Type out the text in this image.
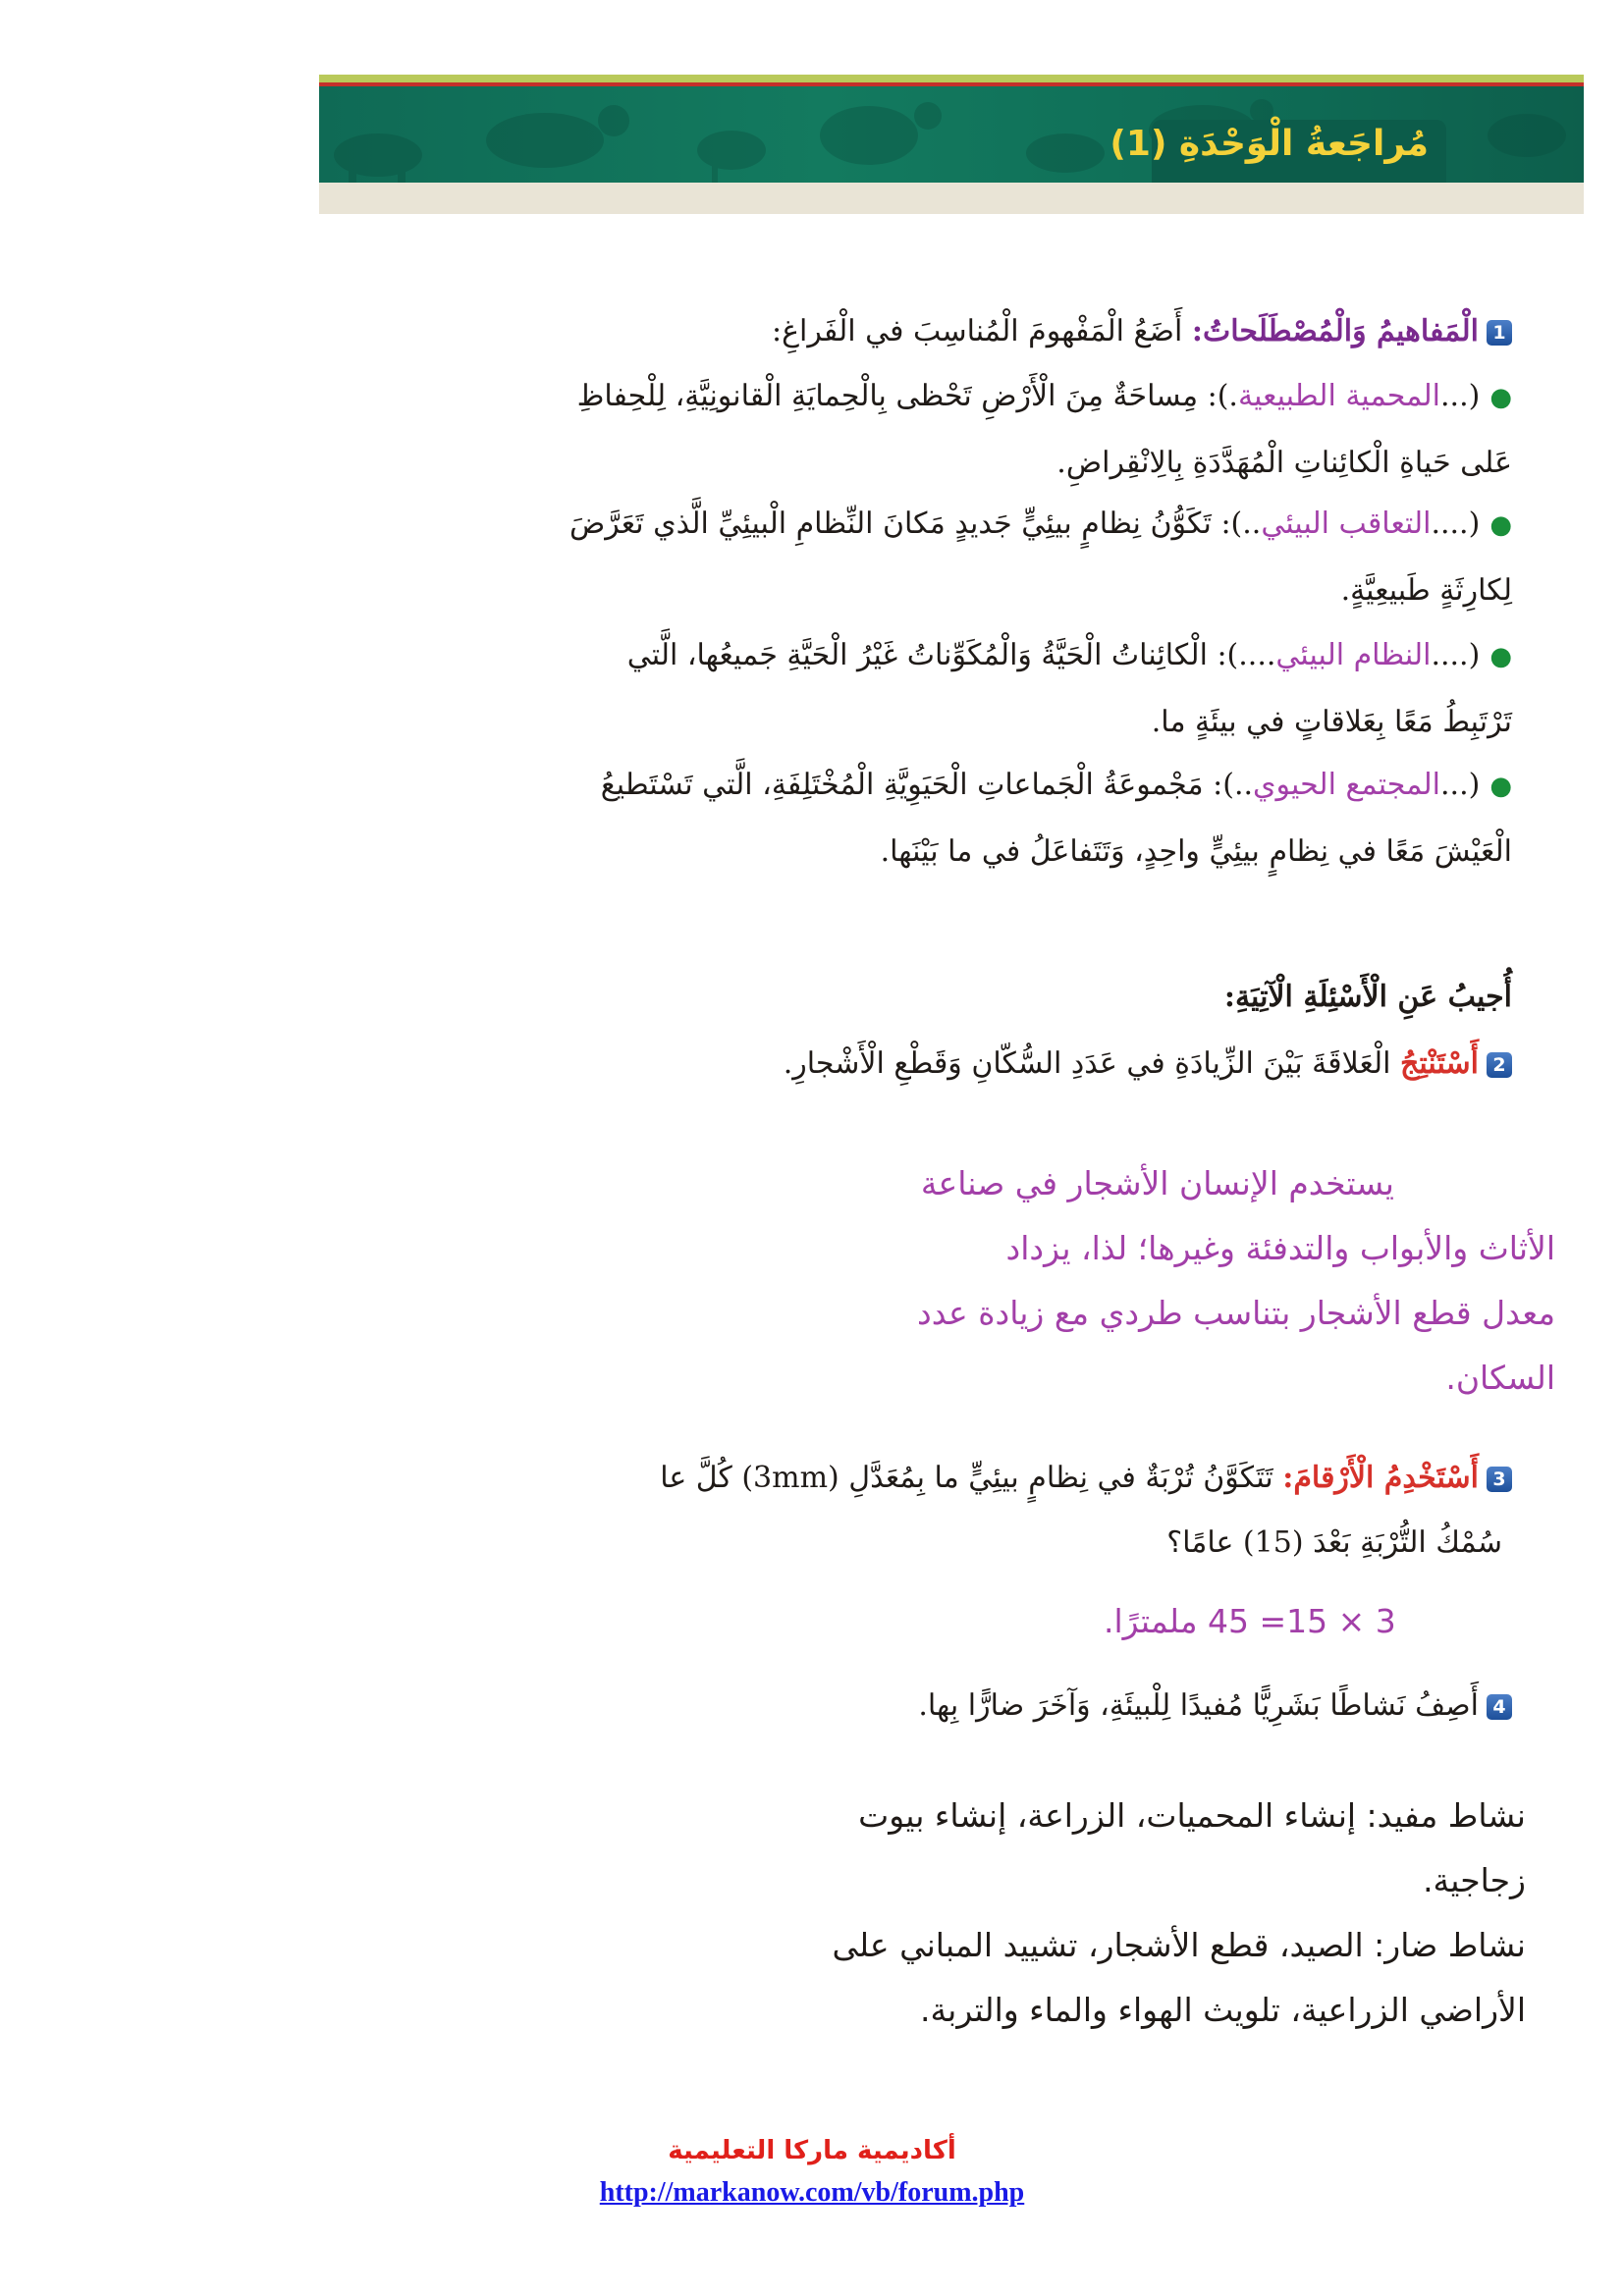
مُراجَعةُ الْوَحْدَةِ (1)
1الْمَفاهيمُ وَالْمُصْطَلَحاتُ: أَضَعُ الْمَفْهومَ الْمُناسِبَ في الْفَراغِ:
●(...المحمية الطبيعية.): مِساحَةٌ مِنَ الْأَرْضِ تَحْظى بِالْحِمايَةِ الْقانونِيَّةِ، لِلْحِفاظِ
عَلى حَياةِ الْكائِناتِ الْمُهَدَّدَةِ بِالِانْقِراضِ.
●(....التعاقب البيئي..): تَكَوُّنُ نِظامٍ بيئِيٍّ جَديدٍ مَكانَ النِّظامِ الْبيئِيِّ الَّذي تَعَرَّضَ
لِكارِثَةٍ طَبيعِيَّةٍ.
●(....النظام البيئي....): الْكائِناتُ الْحَيَّةُ وَالْمُكَوِّناتُ غَيْرُ الْحَيَّةِ جَميعُها، الَّتي
تَرْتَبِطُ مَعًا بِعَلاقاتٍ في بيئَةٍ ما.
●(...المجتمع الحيوي..): مَجْموعَةُ الْجَماعاتِ الْحَيَوِيَّةِ الْمُخْتَلِفَةِ، الَّتي تَسْتَطيعُ
الْعَيْشَ مَعًا في نِظامٍ بيئِيٍّ واحِدٍ، وَتَتَفاعَلُ في ما بَيْنَها.
أُجيبُ عَنِ الْأَسْئِلَةِ الْآتِيَةِ:
2أَسْتَنْتِجُ الْعَلاقَةَ بَيْنَ الزِّيادَةِ في عَدَدِ السُّكّانِ وَقَطْعِ الْأَشْجارِ.
يستخدم الإنسان الأشجار في صناعة
الأثاث والأبواب والتدفئة وغيرها؛ لذا، يزداد
معدل قطع الأشجار بتناسب طردي مع زيادة عدد
السكان.
3أَسْتَخْدِمُ الْأَرْقامَ: تَتَكَوَّنُ تُرْبَةٌ في نِظامٍ بيئِيٍّ ما بِمُعَدَّلِ (3mm) كُلَّ عا
سُمْكُ التُّرْبَةِ بَعْدَ (15) عامًا؟
3 × 15= 45 ملمترًا.
4أَصِفُ نَشاطًا بَشَرِيًّا مُفيدًا لِلْبيئَةِ، وَآخَرَ ضارًّا بِها.
نشاط مفيد: إنشاء المحميات، الزراعة، إنشاء بيوت
زجاجية.
نشاط ضار: الصيد، قطع الأشجار، تشييد المباني على
الأراضي الزراعية، تلويث الهواء والماء والتربة.
أكاديمية ماركا التعليمية
http://markanow.com/vb/forum.php
